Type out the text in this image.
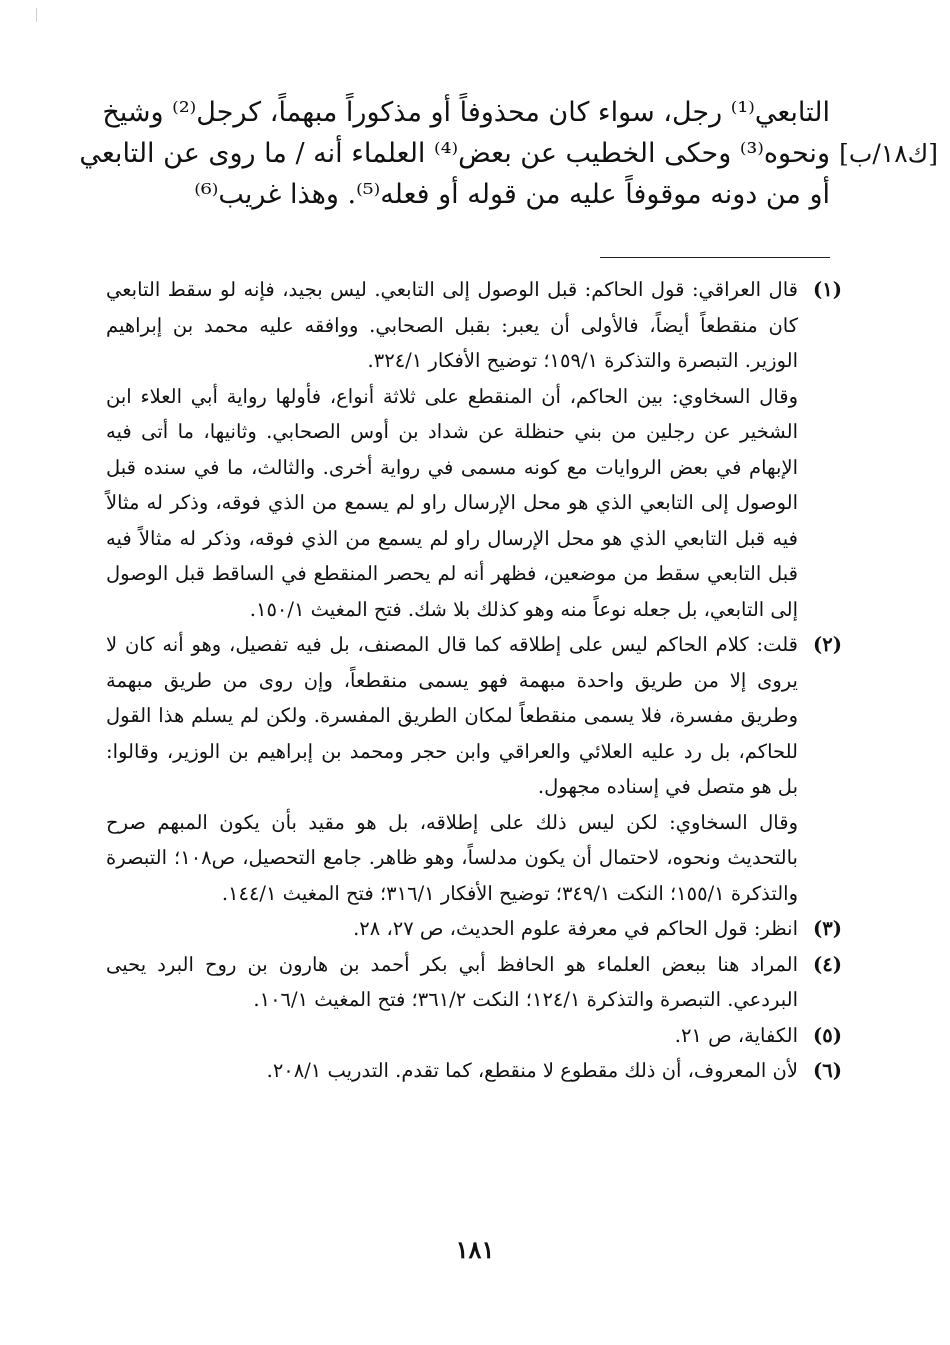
التابعي⁽¹⁾ رجل، سواء كان محذوفاً أو مذكوراً مبهماً، كرجل⁽²⁾ وشيخ
ونحوه⁽³⁾ وحكى الخطيب عن بعض⁽⁴⁾ العلماء أنه / ما روى عن التابعي
أو من دونه موقوفاً عليه من قوله أو فعله⁽⁵⁾. وهذا غريب⁽⁶⁾
[ك١٨/ب]
(١)

قال العراقي: قول الحاكم: قبل الوصول إلى التابعي. ليس بجيد، فإنه لو سقط التابعي كان منقطعاً أيضاً، فالأولى أن يعبر: بقبل الصحابي. ووافقه عليه محمد بن إبراهيم الوزير. التبصرة والتذكرة ١٥٩/١؛ توضيح الأفكار ٣٢٤/١.

وقال السخاوي: بين الحاكم، أن المنقطع على ثلاثة أنواع، فأولها رواية أبي العلاء ابن الشخير عن رجلين من بني حنظلة عن شداد بن أوس الصحابي. وثانيها، ما أتى فيه الإبهام في بعض الروايات مع كونه مسمى في رواية أخرى. والثالث، ما في سنده قبل الوصول إلى التابعي الذي هو محل الإرسال راو لم يسمع من الذي فوقه، وذكر له مثالاً فيه قبل التابعي الذي هو محل الإرسال راو لم يسمع من الذي فوقه، وذكر له مثالاً فيه قبل التابعي سقط من موضعين، فظهر أنه لم يحصر المنقطع في الساقط قبل الوصول إلى التابعي، بل جعله نوعاً منه وهو كذلك بلا شك. فتح المغيث ١٥٠/١.

(٢)

قلت: كلام الحاكم ليس على إطلاقه كما قال المصنف، بل فيه تفصيل، وهو أنه كان لا يروى إلا من طريق واحدة مبهمة فهو يسمى منقطعاً، وإن روى من طريق مبهمة وطريق مفسرة، فلا يسمى منقطعاً لمكان الطريق المفسرة. ولكن لم يسلم هذا القول للحاكم، بل رد عليه العلائي والعراقي وابن حجر ومحمد بن إبراهيم بن الوزير، وقالوا: بل هو متصل في إسناده مجهول.

وقال السخاوي: لكن ليس ذلك على إطلاقه، بل هو مقيد بأن يكون المبهم صرح بالتحديث ونحوه، لاحتمال أن يكون مدلساً، وهو ظاهر. جامع التحصيل، ص١٠٨؛ التبصرة والتذكرة ١٥٥/١؛ النكت ٣٤٩/١؛ توضيح الأفكار ٣١٦/١؛ فتح المغيث ١٤٤/١.

(٣)

انظر: قول الحاكم في معرفة علوم الحديث، ص ٢٧، ٢٨.

(٤)

المراد هنا ببعض العلماء هو الحافظ أبي بكر أحمد بن هارون بن روح البرد يحيى البردعي. التبصرة والتذكرة ١٢٤/١؛ النكت ٣٦١/٢؛ فتح المغيث ١٠٦/١.

(٥)

الكفاية، ص ٢١.

(٦)

لأن المعروف، أن ذلك مقطوع لا منقطع، كما تقدم. التدريب ٢٠٨/١.

١٨١
